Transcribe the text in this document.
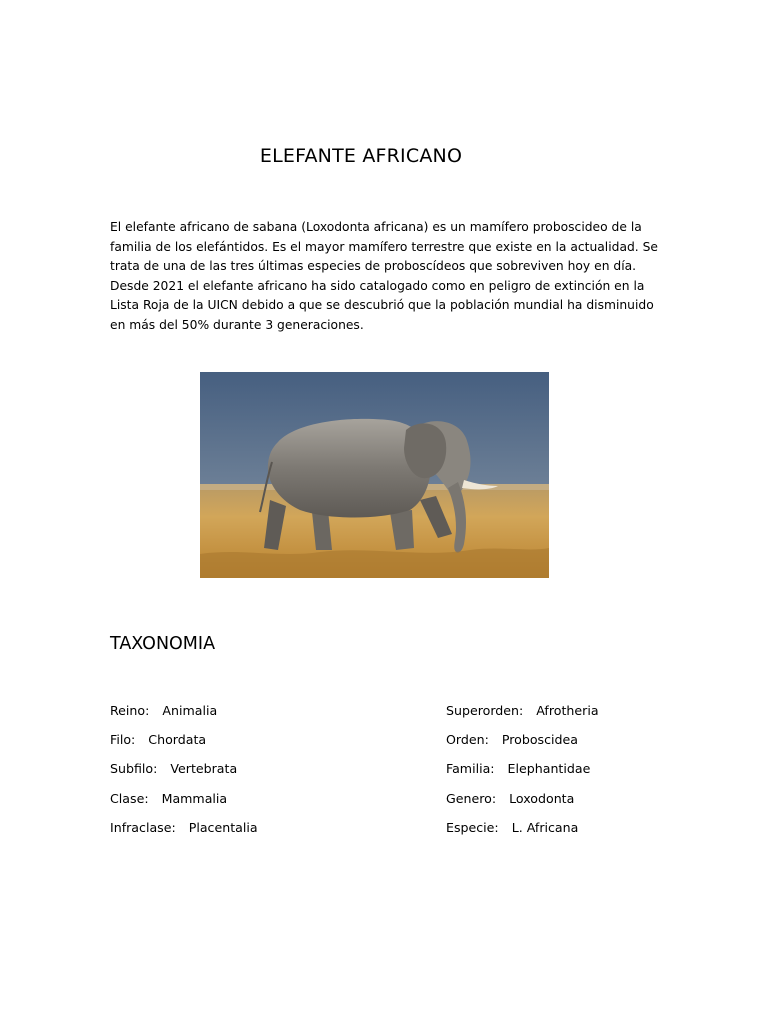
ELEFANTE AFRICANO

El elefante africano de sabana (Loxodonta africana) es un mamífero proboscideo de la familia de los elefántidos. Es el mayor mamífero terrestre que existe en la actualidad. Se trata de una de las tres últimas especies de proboscídeos que sobreviven hoy en día. Desde 2021 el elefante africano ha sido catalogado como en peligro de extinción en la Lista Roja de la UICN debido a que se descubrió que la población mundial ha disminuido en más del 50% durante 3 generaciones.

TAXONOMIA
Reino: Animalia
Filo: Chordata
Subfilo: Vertebrata
Clase: Mammalia
Infraclase: Placentalia
Superorden: Afrotheria
Orden: Proboscidea
Familia: Elephantidae
Genero: Loxodonta
Especie: L. Africana
